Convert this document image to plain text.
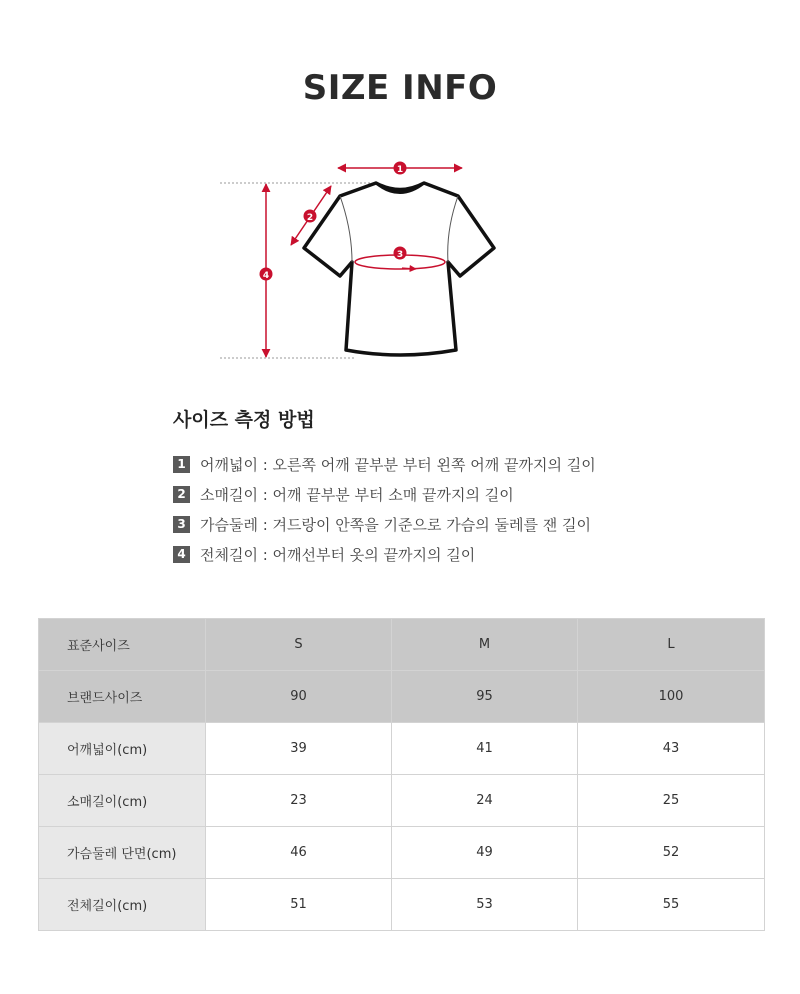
SIZE INFO
1
2
3
4
사이즈 측정 방법
1 어깨넓이 : 오른쪽 어깨 끝부분 부터 왼쪽 어깨 끝까지의 길이
2 소매길이 : 어깨 끝부분 부터 소매 끝까지의 길이
3 가슴둘레 : 겨드랑이 안쪽을 기준으로 가슴의 둘레를 잰 길이
4 전체길이 : 어깨선부터 옷의 끝까지의 길이
표준사이즈	S	M	L
브랜드사이즈	90	95	100
어깨넓이(cm)	39	41	43
소매길이(cm)	23	24	25
가슴둘레 단면(cm)	46	49	52
전체길이(cm)	51	53	55
